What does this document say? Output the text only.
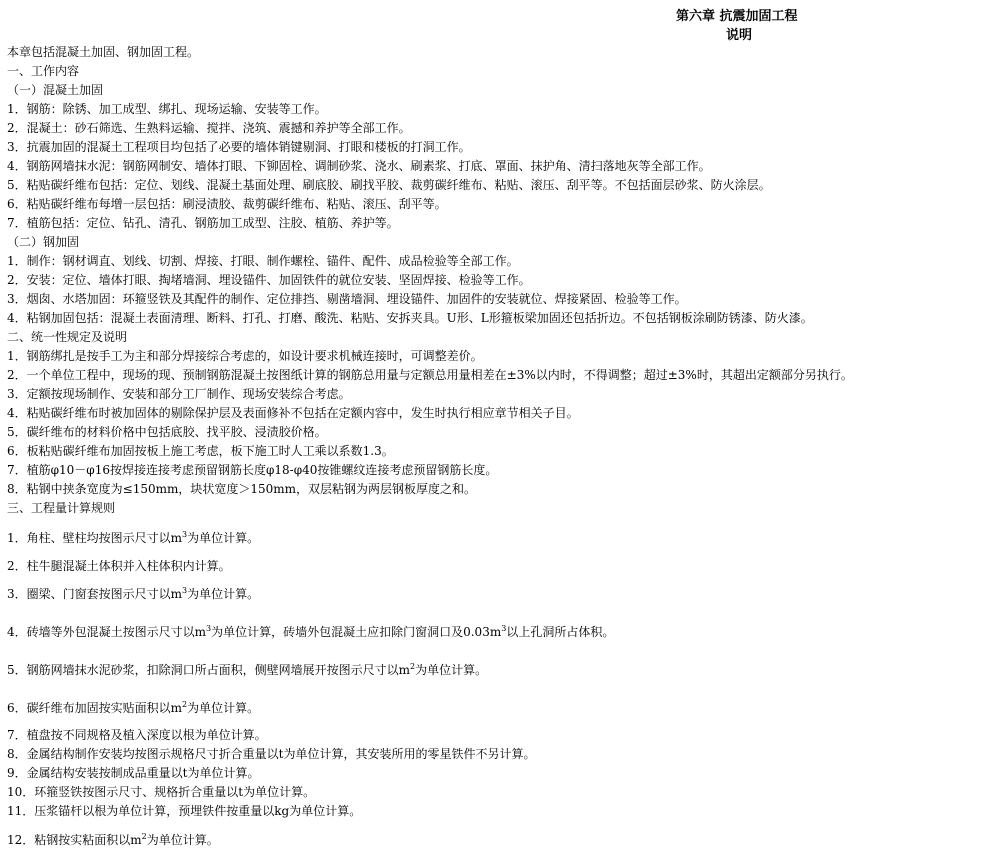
第六章 抗震加固工程
说明
本章包括混凝土加固、钢加固工程。
一、工作内容
（一）混凝土加固
1．钢筋：除锈、加工成型、绑扎、现场运输、安装等工作。
2．混凝土：砂石筛选、生熟料运输、搅拌、浇筑、震撼和养护等全部工作。
3．抗震加固的混凝土工程项目均包括了必要的墙体销键剔洞、打眼和楼板的打洞工作。
4．钢筋网墙抹水泥：钢筋网制安、墙体打眼、下铆固栓、调制砂浆、浇水、刷素浆、打底、罩面、抹护角、清扫落地灰等全部工作。
5．粘贴碳纤维布包括：定位、划线、混凝土基面处理、刷底胶、刷找平胶、裁剪碳纤维布、粘贴、滚压、刮平等。不包括面层砂浆、防火涂层。
6．粘贴碳纤维布每增一层包括：刷浸渍胶、裁剪碳纤维布、粘贴、滚压、刮平等。
7．植筋包括：定位、钻孔、清孔、钢筋加工成型、注胶、植筋、养护等。
（二）钢加固
1．制作：钢材调直、划线、切割、焊接、打眼、制作螺栓、锚件、配件、成品检验等全部工作。
2．安装：定位、墙体打眼、掏堵墙洞、埋设锚件、加固铁件的就位安装、坚固焊接、检验等工作。
3．烟囱、水塔加固：环箍竖铁及其配件的制作、定位排挡、剔凿墙洞、埋设锚件、加固件的安装就位、焊接紧固、检验等工作。
4．粘钢加固包括：混凝土表面清理、断料、打孔、打磨、酸洗、粘贴、安拆夹具。U形、L形箍板梁加固还包括折边。不包括钢板涂刷防锈漆、防火漆。
二、统一性规定及说明
1．钢筋绑扎是按手工为主和部分焊接综合考虑的，如设计要求机械连接时，可调整差价。
2．一个单位工程中，现场的现、预制钢筋混凝土按图纸计算的钢筋总用量与定额总用量相差在±3%以内时，不得调整；超过±3%时，其超出定额部分另执行。
3．定额按现场制作、安装和部分工厂制作、现场安装综合考虑。
4．粘贴碳纤维布时被加固体的剔除保护层及表面修补不包括在定额内容中，发生时执行相应章节相关子目。
5．碳纤维布的材料价格中包括底胶、找平胶、浸渍胶价格。
6．板粘贴碳纤维布加固按板上施工考虑，板下施工时人工乘以系数1.3。
7．植筋φ10－φ16按焊接连接考虑预留钢筋长度φ18-φ40按锥螺纹连接考虑预留钢筋长度。
8．粘钢中挟条宽度为≤150mm，块状宽度＞150mm，双层粘钢为两层钢板厚度之和。
三、工程量计算规则
1．角柱、壁柱均按图示尺寸以$m^3$为单位计算。
2．柱牛腿混凝土体积并入柱体积内计算。
3．圈梁、门窗套按图示尺寸以$m^3$为单位计算。
4．砖墙等外包混凝土按图示尺寸以$m^3$为单位计算，砖墙外包混凝土应扣除门窗洞口及$0.03m^3$以上孔洞所占体积。
5．钢筋网墙抹水泥砂浆，扣除洞口所占面积，侧壁网墙展开按图示尺寸以$m^2$为单位计算。
6．碳纤维布加固按实贴面积以$m^2$为单位计算。
7．植盘按不同规格及植入深度以根为单位计算。
8．金属结构制作安装均按图示规格尺寸折合重量以t为单位计算，其安装所用的零星铁件不另计算。
9．金属结构安装按制成品重量以t为单位计算。
10．环箍竖铁按图示尺寸、规格折合重量以t为单位计算。
11．压浆锚杆以根为单位计算，预埋铁件按重量以kg为单位计算。
12．粘钢按实粘面积以$m^2$为单位计算。
